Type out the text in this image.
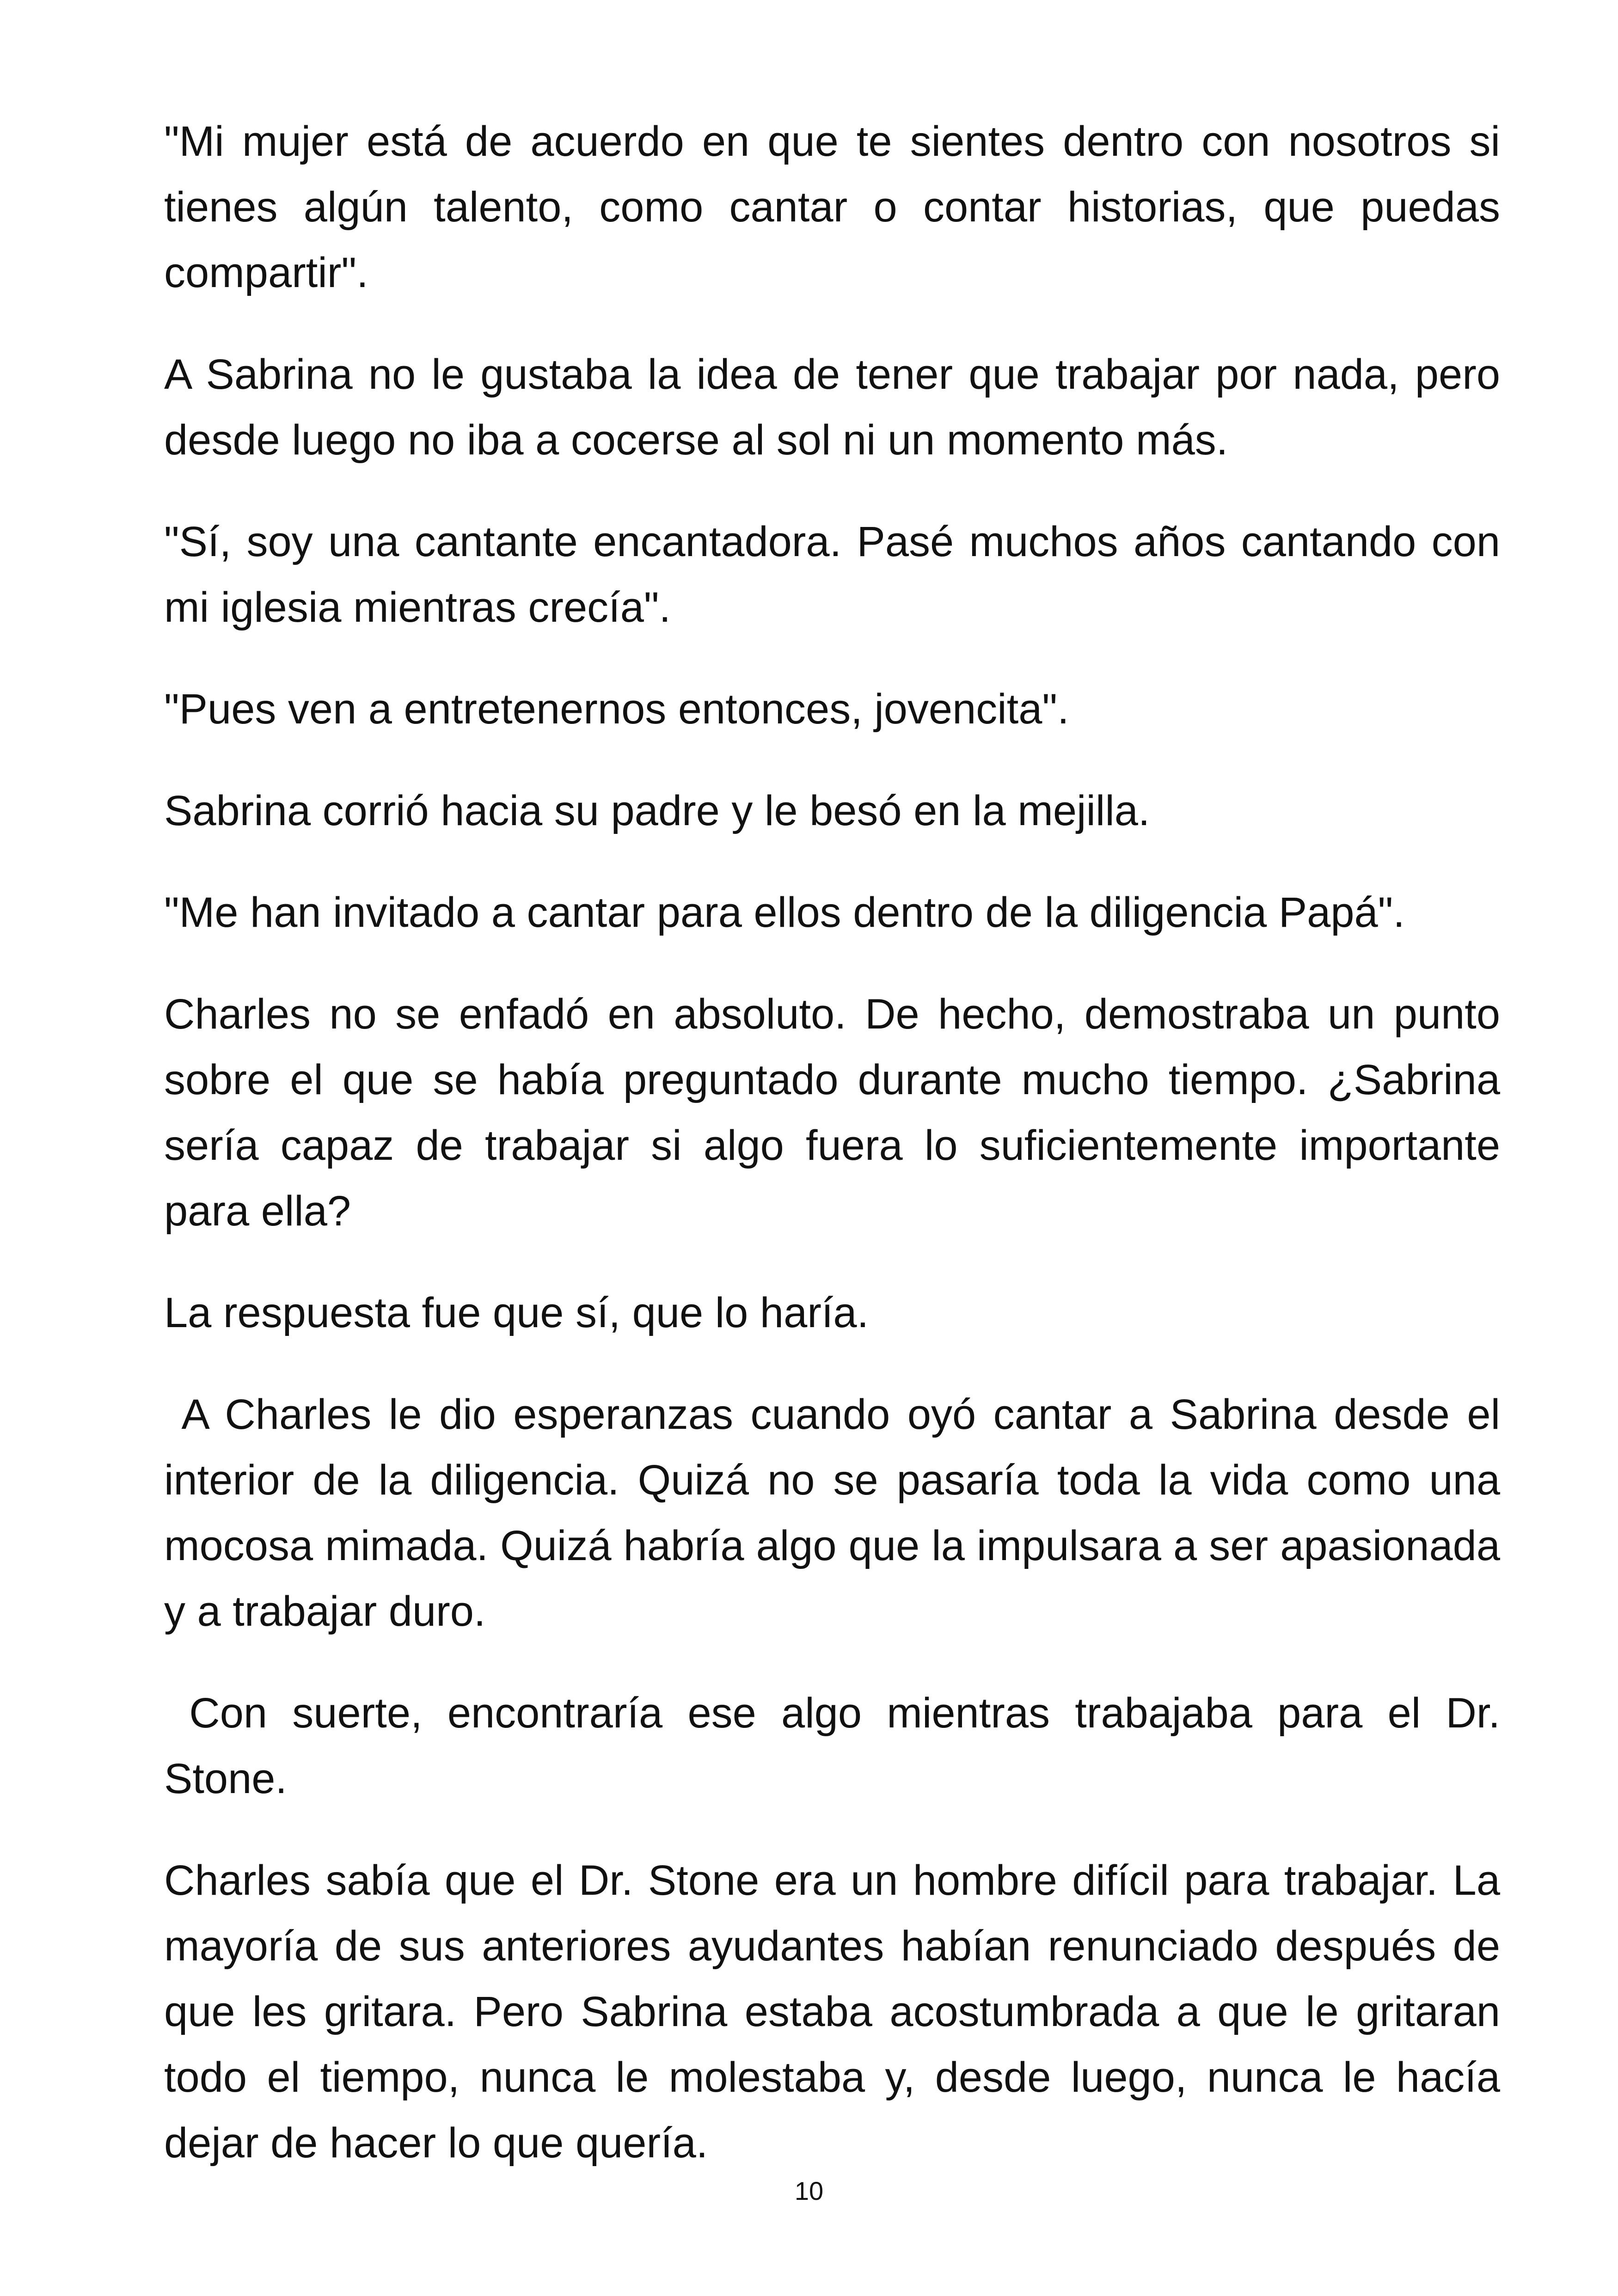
"Mi mujer está de acuerdo en que te sientes dentro con nosotros si tienes algún talento, como cantar o contar historias, que puedas compartir".

A Sabrina no le gustaba la idea de tener que trabajar por nada, pero desde luego no iba a cocerse al sol ni un momento más.

"Sí, soy una cantante encantadora. Pasé muchos años cantando con mi iglesia mientras crecía".

"Pues ven a entretenernos entonces, jovencita".

Sabrina corrió hacia su padre y le besó en la mejilla.

"Me han invitado a cantar para ellos dentro de la diligencia Papá".

Charles no se enfadó en absoluto. De hecho, demostraba un punto sobre el que se había preguntado durante mucho tiempo. ¿Sabrina sería capaz de trabajar si algo fuera lo suficientemente importante para ella?

La respuesta fue que sí, que lo haría.

A Charles le dio esperanzas cuando oyó cantar a Sabrina desde el interior de la diligencia. Quizá no se pasaría toda la vida como una mocosa mimada. Quizá habría algo que la impulsara a ser apasionada y a trabajar duro.

Con suerte, encontraría ese algo mientras trabajaba para el Dr. Stone.

Charles sabía que el Dr. Stone era un hombre difícil para trabajar. La mayoría de sus anteriores ayudantes habían renunciado después de que les gritara. Pero Sabrina estaba acostumbrada a que le gritaran todo el tiempo, nunca le molestaba y, desde luego, nunca le hacía dejar de hacer lo que quería.

10
